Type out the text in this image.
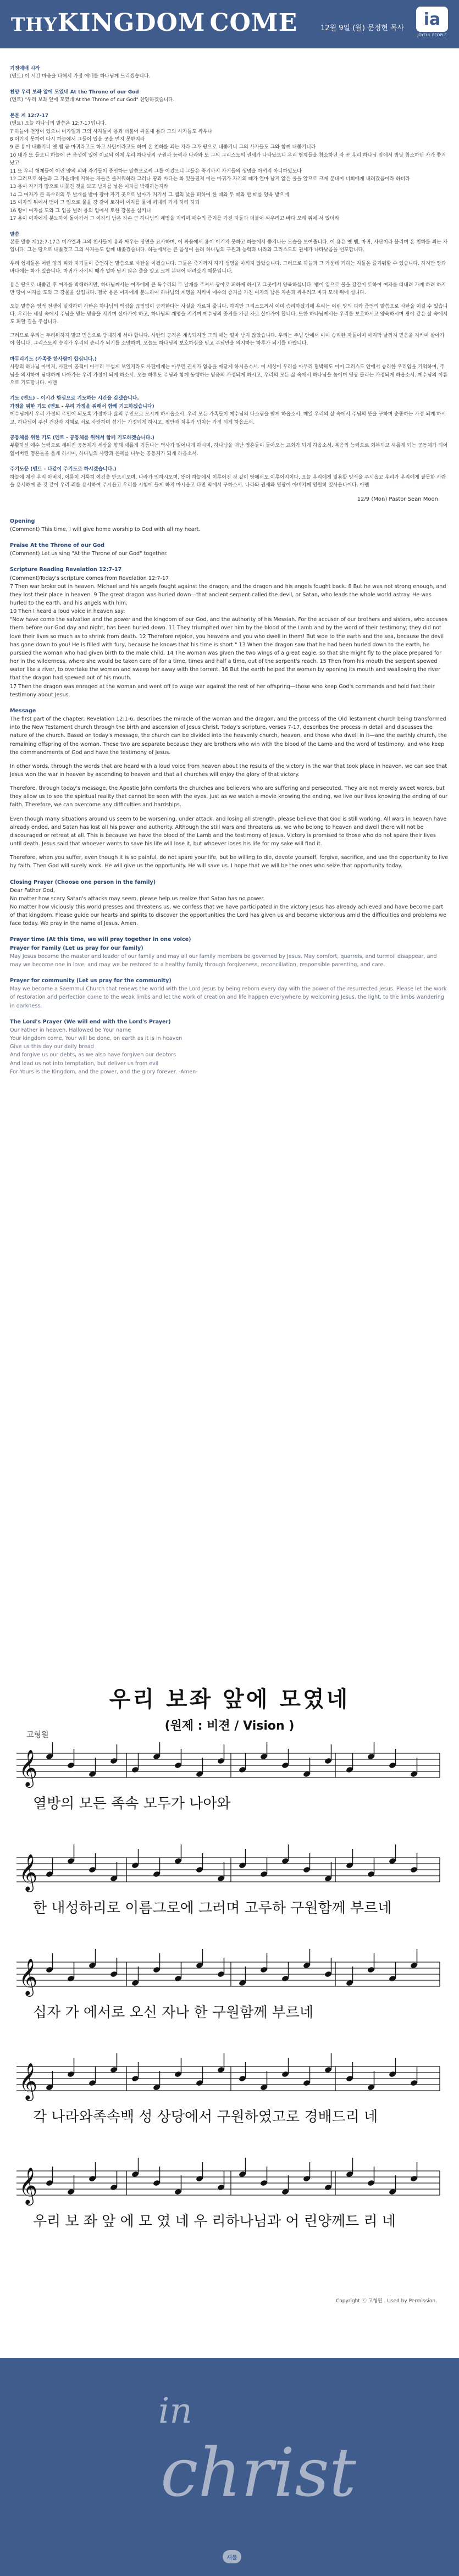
THYKINGDOM COME	12월 9일 (월) 문정현 목사	ia
JOYFUL PEOPLE
기정예배 시작
(멘트) 이 시간 마음을 다해서 가정 예배를 하나님께 드리겠습니다.
찬양 우리 보좌 앞에 모였네 At the Throne of our God
(멘트) "우리 보좌 앞에 모였네 At the Throne of our God" 찬양하겠습니다.
본문 계 12:7-17
(멘트) 오늘 하나님의 말씀은 12:7-17입니다.
7 하늘에 전쟁이 있으니 미가엘과 그의 사자들이 용과 더불어 싸울새 용과 그의 사자들도 싸우나
8 이기지 못하여 다시 하늘에서 그들이 있을 곳을 얻지 못한지라
9 큰 용이 내쫓기니 옛 뱀 곧 마귀라고도 하고 사탄이라고도 하며 온 천하를 꾀는 자라 그가 땅으로 내쫓기니 그의 사자들도 그와 함께 내쫓기니라
10 내가 또 들으니 하늘에 큰 음성이 있어 이르되 이제 우리 하나님의 구원과 능력과 나라와 또 그의 그리스도의 권세가 나타났으니 우리 형제들을 참소하던 자 곧 우리 하나님 앞에서 밤낮 참소하던 자가 쫓겨났고
11 또 우리 형제들이 어린 양의 피와 자기들이 증언하는 말씀으로써 그를 이겼으니 그들은 죽기까지 자기들의 생명을 아끼지 아니하였도다
12 그러므로 하늘과 그 가운데에 거하는 자들은 즐거워하라 그러나 땅과 바다는 화 있을진저 이는 마귀가 자기의 때가 얼마 남지 않은 줄을 알므로 크게 분내어 너희에게 내려갔음이라 하더라
13 용이 자기가 땅으로 내쫓긴 것을 보고 남자를 낳은 여자를 박해하는지라
14 그 여자가 큰 독수리의 두 날개를 받아 광야 자기 곳으로 날아가 거기서 그 뱀의 낯을 피하여 한 때와 두 때와 반 때를 양육 받으매
15 여자의 뒤에서 뱀이 그 입으로 물을 강 같이 토하여 여자를 물에 떠내려 가게 하려 하되
16 땅이 여자를 도와 그 입을 벌려 용의 입에서 토한 강물을 삼키니
17 용이 여자에게 분노하여 돌아가서 그 여자의 남은 자손 곧 하나님의 계명을 지키며 예수의 증거를 가진 자들과 더불어 싸우려고 바다 모래 위에 서 있더라
말씀

본문 말씀 계12:7-17은 미가엘과 그의 천사들이 용과 싸우는 장면을 묘사하며, 이 싸움에서 용이 이기지 못하고 하늘에서 쫓겨나는 모습을 보여줍니다. 이 용은 옛 뱀, 마귀, 사탄이라 불리며 온 천하를 꾀는 자입니다. 그는 땅으로 내쫓겼고 그의 사자들도 함께 내쫓겼습니다. 하늘에서는 큰 음성이 들려 하나님의 구원과 능력과 나라와 그리스도의 권세가 나타났음을 선포합니다.

우리 형제들은 어린 양의 피와 자기들이 증언하는 말씀으로 사탄을 이겼습니다. 그들은 죽기까지 자기 생명을 아끼지 않았습니다. 그러므로 하늘과 그 가운데 거하는 자들은 즐거워할 수 있습니다. 하지만 땅과 바다에는 화가 있습니다. 마귀가 자기의 때가 얼마 남지 않은 줄을 알고 크게 분내어 내려갔기 때문입니다.

용은 땅으로 내쫓긴 후 여자를 박해하지만, 하나님께서는 여자에게 큰 독수리의 두 날개를 주셔서 광야로 피하게 하시고 그곳에서 양육하십니다. 뱀이 입으로 물을 강같이 토하여 여자를 떠내려 가게 하려 하지만 땅이 여자를 도와 그 강물을 삼킵니다. 결국 용은 여자에게 분노하여 하나님의 계명을 지키며 예수의 증거를 가진 여자의 남은 자손과 싸우려고 바다 모래 위에 섭니다.

오늘 말씀은 영적 전쟁이 실재하며 사탄은 하나님의 백성을 끊임없이 공격한다는 사실을 가르쳐 줍니다. 하지만 그리스도께서 이미 승리하셨기에 우리는 어린 양의 피와 증언의 말씀으로 사탄을 이길 수 있습니다. 우리는 세상 속에서 주님을 믿는 믿음을 지키며 살아가야 하고, 하나님의 계명을 지키며 예수님의 증거를 가진 자로 살아가야 합니다. 또한 하나님께서는 우리를 보호하시고 양육하시며 광야 같은 삶 속에서도 피할 길을 주십니다.

그러므로 우리는 두려워하지 말고 믿음으로 담대하게 서야 합니다. 사탄의 공격은 계속되지만 그의 때는 얼마 남지 않았습니다. 우리는 주님 안에서 이미 승리한 자들이며 마지막 날까지 믿음을 지키며 살아가야 합니다. 그리스도의 승리가 우리의 승리가 되기를 소망하며, 오늘도 하나님의 보호하심을 믿고 주님만을 의지하는 하루가 되기를 바랍니다.

마무리기도 (가족중 한사람이 합심니다.)
사랑의 하나님 아버지, 사탄이 공격이 아무리 무섭게 보일지라도 사탄에게는 아무런 권세가 없음을 깨닫게 하시옵소서. 이 세상이 우리를 아무리 협박해도 이미 그리스도 안에서 승리한 우리임을 기억하며, 주님을 의지하여 담대하게 나아가는 우리 가정이 되게 하소서. 오늘 하루도 주님과 함께 동행하는 믿음의 가정되게 하시고, 우리의 모든 삶 속에서 하나님을 높이며 영광 돌리는 가정되게 하옵소서. 예수님의 이름으로 기도합니다. 아멘
기도 (멘트) – 이시간 함심으로 기도하는 시간을 갖겠습니다.
가정을 위한 기도 (멘트 - 우리 가정을 위해서 함께 기도하겠습니다)
예수님께서 우리 가정의 주인이 되도록 가정마다 삶의 주인으로 모시게 하시옵소서. 우리 모든 가족들이 예수님의 다스림을 받게 하옵소서. 매일 우리의 삶 속에서 주님의 뜻을 구하며 순종하는 가정 되게 하시고, 하나님이 주신 건강과 지혜로 서로 사랑하며 섬기는 가정되게 하시고, 평안과 치유가 넘치는 가정 되게 하옵소서.
공동체를 위한 기도 (멘트 - 공동체를 위해서 함께 기도하겠습니다.)
부활하신 예수 능력으로 세워진 공동체가 세상을 향해 새롭게 거듭나는 역사가 일어나게 하시며, 하나님을 떠난 영혼들이 돌아오는 교회가 되게 하옵소서. 복음의 능력으로 회복되고 새롭게 되는 공동체가 되어 잃어버린 영혼들을 품게 하시며, 하나님의 사랑과 은혜를 나누는 공동체가 되게 하옵소서.
주기도문 (멘트 - 다같이 주기도로 하시겠습니다.)
하늘에 계신 우리 아버지, 이름이 거룩히 여김을 받으시오며, 나라가 임하시오며, 뜻이 하늘에서 이루어진 것 같이 땅에서도 이루어지이다. 오늘 우리에게 일용할 양식을 주시옵고 우리가 우리에게 잘못한 사람을 용서하여 준 것 같이 우리 죄를 용서하여 주시옵고 우리를 시험에 들게 하지 마시옵고 다만 악에서 구하소서. 나라와 권세와 영광이 아버지께 영원히 있사옵나이다. 아멘
12/9 (Mon) Pastor Sean Moon
Opening
(Comment) This time, I will give home worship to God with all my heart.
Praise At the Throne of our God
(Comment) Let us sing "At the Throne of our God" together.
Scripture Reading Revelation 12:7-17
(Comment)Today's scripture comes from Revelation 12:7-17
7 Then war broke out in heaven. Michael and his angels fought against the dragon, and the dragon and his angels fought back. 8 But he was not strong enough, and they lost their place in heaven. 9 The great dragon was hurled down—that ancient serpent called the devil, or Satan, who leads the whole world astray. He was hurled to the earth, and his angels with him.
10 Then I heard a loud voice in heaven say:
"Now have come the salvation and the power and the kingdom of our God, and the authority of his Messiah. For the accuser of our brothers and sisters, who accuses them before our God day and night, has been hurled down. 11 They triumphed over him by the blood of the Lamb and by the word of their testimony; they did not love their lives so much as to shrink from death. 12 Therefore rejoice, you heavens and you who dwell in them! But woe to the earth and the sea, because the devil has gone down to you! He is filled with fury, because he knows that his time is short." 13 When the dragon saw that he had been hurled down to the earth, he pursued the woman who had given birth to the male child. 14 The woman was given the two wings of a great eagle, so that she might fly to the place prepared for her in the wilderness, where she would be taken care of for a time, times and half a time, out of the serpent's reach. 15 Then from his mouth the serpent spewed water like a river, to overtake the woman and sweep her away with the torrent. 16 But the earth helped the woman by opening its mouth and swallowing the river that the dragon had spewed out of his mouth.
17 Then the dragon was enraged at the woman and went off to wage war against the rest of her offspring—those who keep God's commands and hold fast their testimony about Jesus.
Message

The first part of the chapter, Revelation 12:1-6, describes the miracle of the woman and the dragon, and the process of the Old Testament church being transformed into the New Testament church through the birth and ascension of Jesus Christ. Today's scripture, verses 7-17, describes the process in detail and discusses the nature of the church. Based on today's message, the church can be divided into the heavenly church, heaven, and those who dwell in it—and the earthly church, the remaining offspring of the woman. These two are separate because they are brothers who win with the blood of the Lamb and the word of testimony, and who keep the commandments of God and have the testimony of Jesus.

In other words, through the words that are heard with a loud voice from heaven about the results of the victory in the war that took place in heaven, we can see that Jesus won the war in heaven by ascending to heaven and that all churches will enjoy the glory of that victory.

Therefore, through today's message, the Apostle John comforts the churches and believers who are suffering and persecuted. They are not merely sweet words, but they allow us to see the spiritual reality that cannot be seen with the eyes. Just as we watch a movie knowing the ending, we live our lives knowing the ending of our faith. Therefore, we can overcome any difficulties and hardships.

Even though many situations around us seem to be worsening, under attack, and losing all strength, please believe that God is still working. All wars in heaven have already ended, and Satan has lost all his power and authority. Although the still wars and threatens us, we who belong to heaven and dwell there will not be discouraged or retreat at all. This is because we have the blood of the Lamb and the testimony of Jesus. Victory is promised to those who do not spare their lives until death. Jesus said that whoever wants to save his life will lose it, but whoever loses his life for my sake will find it.

Therefore, when you suffer, even though it is so painful, do not spare your life, but be willing to die, devote yourself, forgive, sacrifice, and use the opportunity to live by faith. Then God will surely work. He will give us the opportunity. He will save us. I hope that we will be the ones who seize that opportunity today.

Closing Prayer (Choose one person in the family)
Dear Father God,
No matter how scary Satan's attacks may seem, please help us realize that Satan has no power.
No matter how viciously this world presses and threatens us, we confess that we have participated in the victory Jesus has already achieved and have become part of that kingdom. Please guide our hearts and spirits to discover the opportunities the Lord has given us and become victorious amid the difficulties and problems we face today. We pray in the name of Jesus. Amen.
Prayer time (At this time, we will pray together in one voice)
Prayer for Family (Let us pray for our family)
May Jesus become the master and leader of our family and may all our family members be governed by Jesus. May comfort, quarrels, and turmoil disappear, and may we become one in love, and may we be restored to a healthy family through forgiveness, reconciliation, responsible parenting, and care.
Prayer for community (Let us pray for the community)
May we become a Saemmul Church that renews the world with the Lord Jesus by being reborn every day with the power of the resurrected Jesus. Please let the work of restoration and perfection come to the weak limbs and let the work of creation and life happen everywhere by welcoming Jesus, the light, to the limbs wandering in darkness.
The Lord's Prayer (We will end with the Lord's Prayer)
Our Father in heaven, Hallowed be Your name
Your kingdom come, Your will be done, on earth as it is in heaven
Give us this day our daily bread
And forgive us our debts, as we also have forgiven our debtors
And lead us not into temptation, but deliver us from evil
For Yours is the Kingdom, and the power, and the glory forever. -Amen-
우리 보좌 앞에 모였네
(원제 : 비젼 / Vision )
고형원
𝄞
열방의 모든 족속 모두가 나아와
𝄞
한 내성하리로 이름그로에 그러며 고루하 구원함께 부르네
𝄞
십자 가 에서로 오신 자나 한 구원함께 부르네
𝄞
각 나라와족속백 성 상당에서 구원하였고로 경배드리 네
𝄞
우리 보 좌 앞 에 모 였 네 우 리하나님과 어 린양께드 리 네
Copyright ⓒ 고형원 . Used by Permission.
in
christ
새물
